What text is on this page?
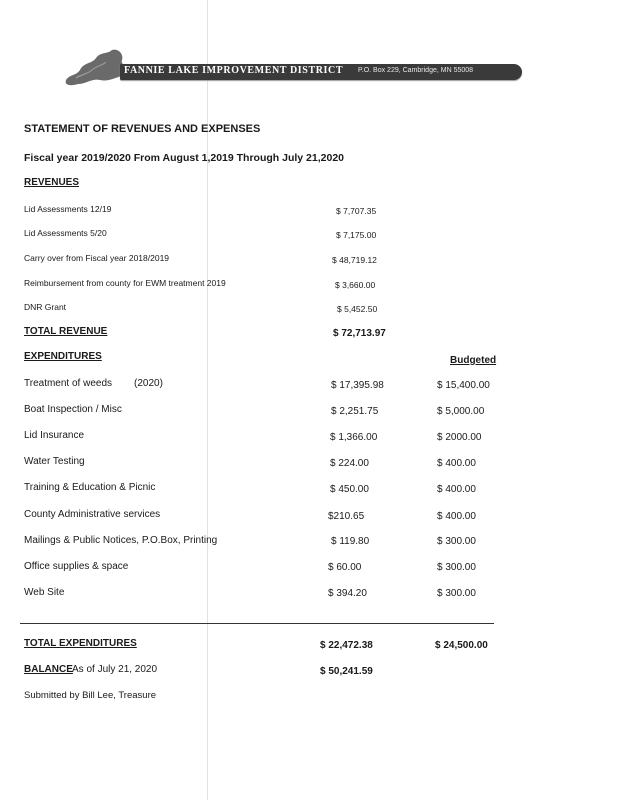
FANNIE LAKE IMPROVEMENT DISTRICT P.O. Box 229, Cambridge, MN 55008
STATEMENT OF REVENUES AND EXPENSES
Fiscal year 2019/2020 From August 1,2019 Through July 21,2020
REVENUES
Lid Assessments 12/19	$ 7,707.35
Lid Assessments 5/20	$ 7,175.00
Carry over from Fiscal year 2018/2019	$ 48,719.12
Reimbursement from county for EWM treatment 2019	$ 3,660.00
DNR Grant	$ 5,452.50
TOTAL REVENUE	$ 72,713.97
EXPENDITURES	Budgeted
Treatment of weeds (2020)	$ 17,395.98	$ 15,400.00
Boat Inspection / Misc	$ 2,251.75	$ 5,000.00
Lid Insurance	$ 1,366.00	$ 2000.00
Water Testing	$ 224.00	$ 400.00
Training & Education & Picnic	$ 450.00	$ 400.00
County Administrative services	$210.65	$ 400.00
Mailings & Public Notices, P.O.Box, Printing	$ 119.80	$ 300.00
Office supplies & space	$ 60.00	$ 300.00
Web Site	$ 394.20	$ 300.00
TOTAL EXPENDITURES	$ 22,472.38	$ 24,500.00
BALANCE As of July 21, 2020	$ 50,241.59
Submitted by Bill Lee, Treasure
